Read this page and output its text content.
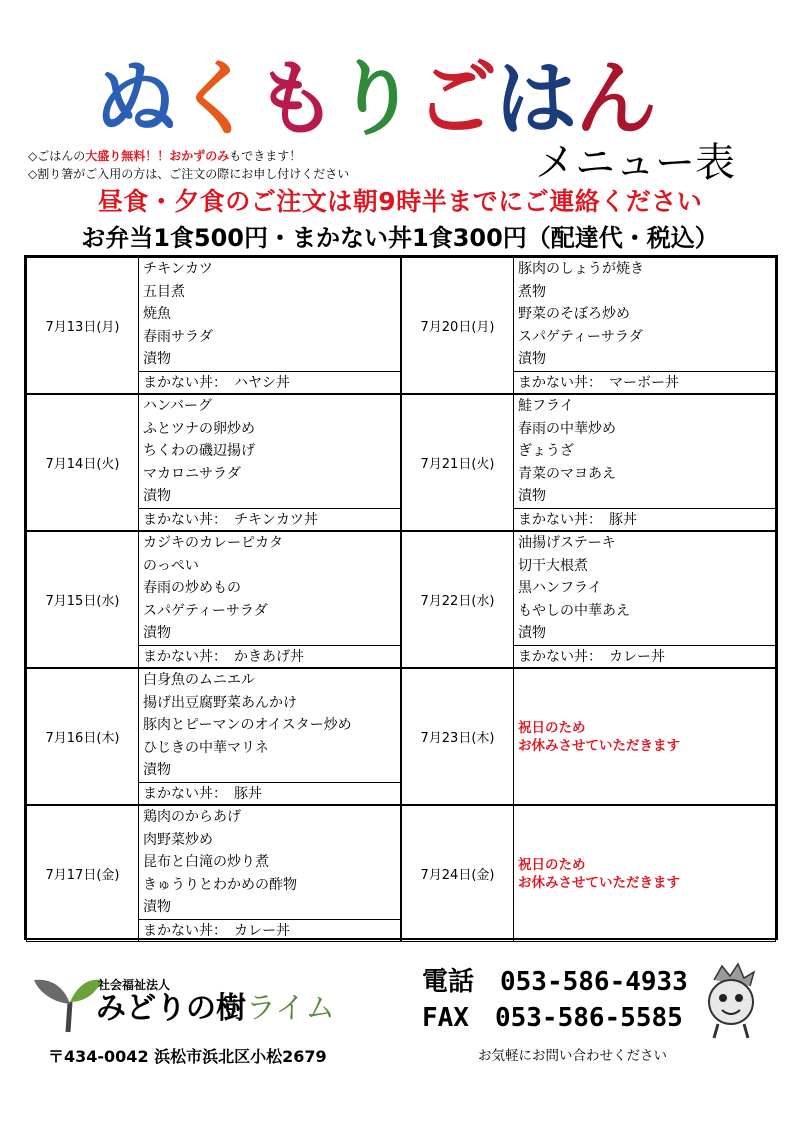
ぬ
く
も
り
ご
は
ん
メニュー表
◇ごはんの大盛り無料！！おかずのみもできます！
◇割り箸がご入用の方は、ご注文の際にお申し付けください
昼食・夕食のご注文は朝9時半までにご連絡ください
お弁当1食500円・まかない丼1食300円（配達代・税込）
7月13日(月)
チキンカツ
五目煮
焼魚
春雨サラダ
漬物
まかない丼：　ハヤシ丼
7月14日(火)
ハンバーグ
ふとツナの卵炒め
ちくわの磯辺揚げ
マカロニサラダ
漬物
まかない丼：　チキンカツ丼
7月15日(水)
カジキのカレーピカタ
のっぺい
春雨の炒めもの
スパゲティーサラダ
漬物
まかない丼：　かきあげ丼
7月16日(木)
白身魚のムニエル
揚げ出豆腐野菜あんかけ
豚肉とピーマンのオイスター炒め
ひじきの中華マリネ
漬物
まかない丼：　豚丼
7月17日(金)
鶏肉のからあげ
肉野菜炒め
昆布と白滝の炒り煮
きゅうりとわかめの酢物
漬物
まかない丼：　カレー丼
7月20日(月)
豚肉のしょうが焼き
煮物
野菜のそぼろ炒め
スパゲティーサラダ
漬物
まかない丼：　マーボー丼
7月21日(火)
鮭フライ
春雨の中華炒め
ぎょうざ
青菜のマヨあえ
漬物
まかない丼：　豚丼
7月22日(水)
油揚げステーキ
切干大根煮
黒ハンフライ
もやしの中華あえ
漬物
まかない丼：　カレー丼
7月23日(木)
祝日のため
お休みさせていただきます
7月24日(金)
祝日のため
お休みさせていただきます
社会福祉法人
みどりの樹ライム
〒434-0042 浜松市浜北区小松2679
電話　053-586-4933
FAX　053-586-5585
お気軽にお問い合わせください
